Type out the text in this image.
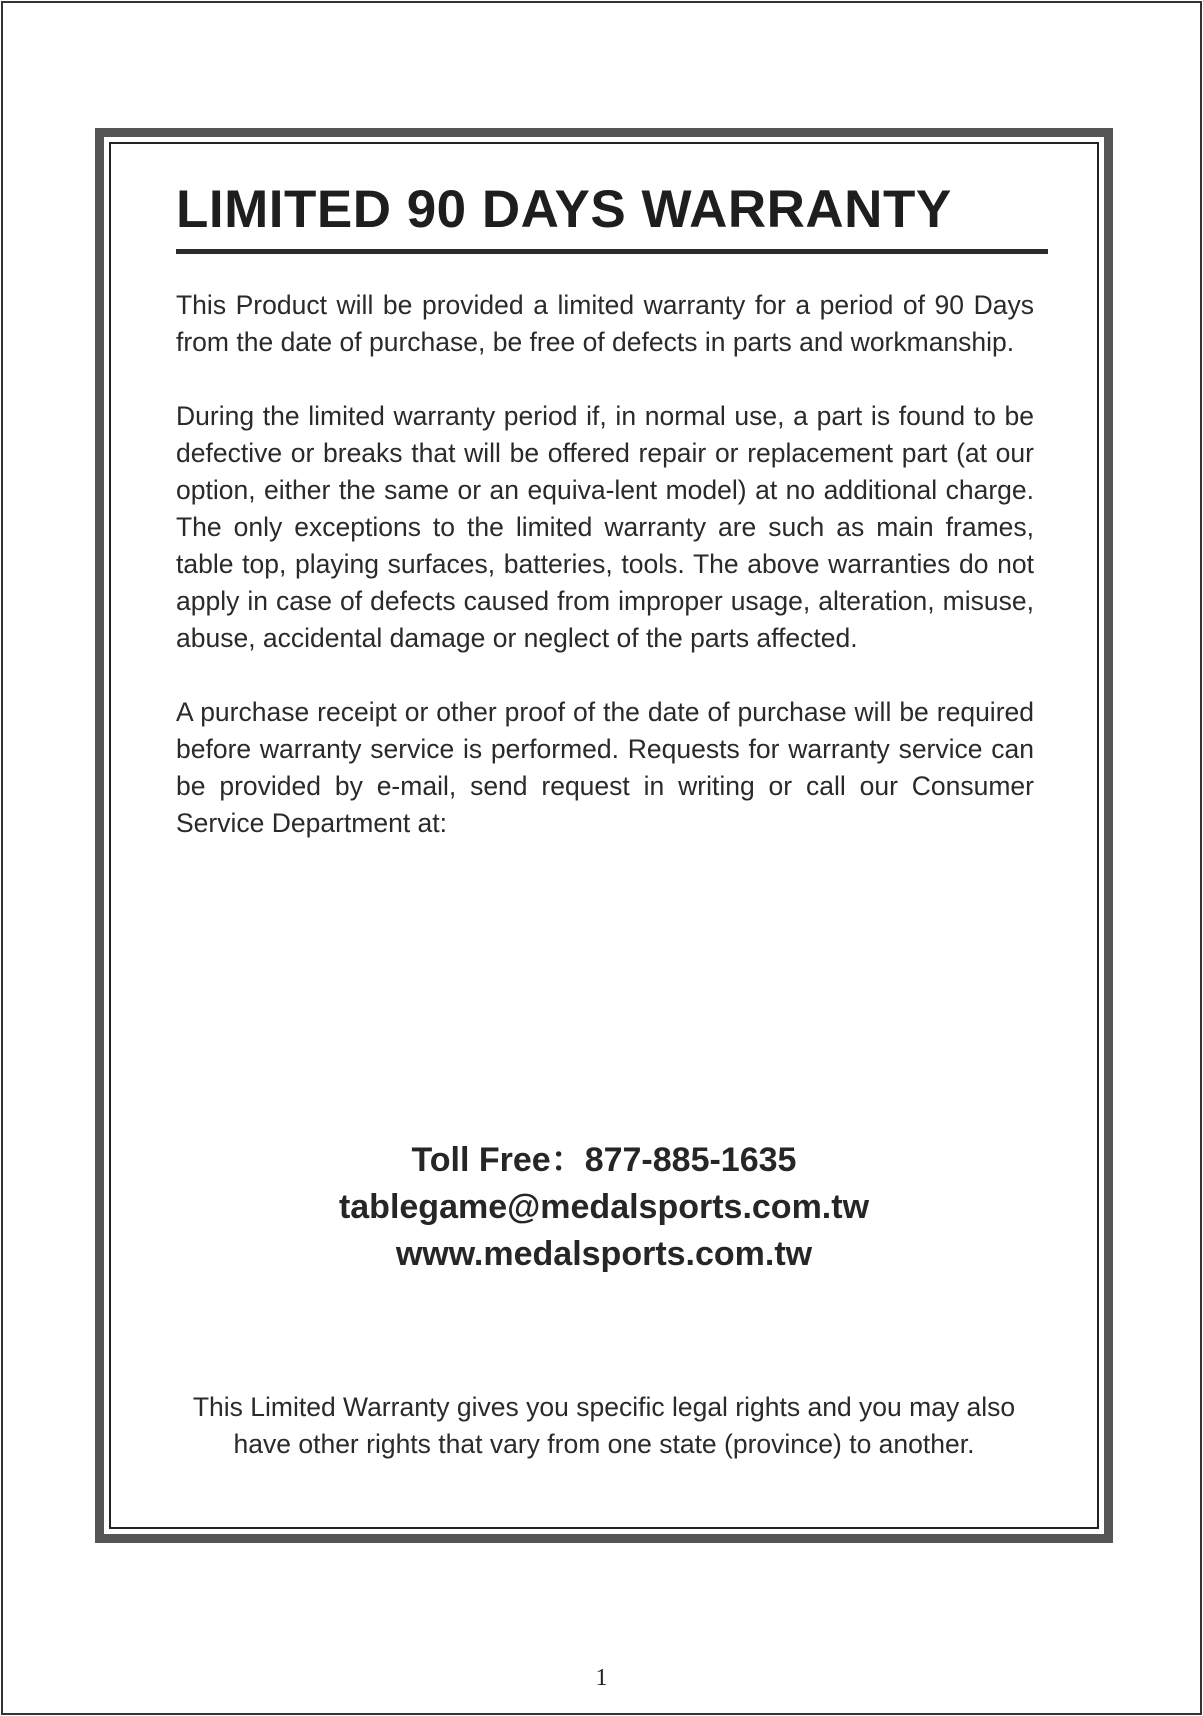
LIMITED 90 DAYS WARRANTY

This Product will be provided a limited warranty for a period of 90 Days from the date of purchase, be free of defects in parts and workmanship.

During the limited warranty period if, in normal use, a part is found to be defective or breaks that will be offered repair or replacement part (at our option, either the same or an equiva-lent model) at no additional charge. The only exceptions to the limited warranty are such as main frames, table top, playing surfaces, batteries, tools. The above warranties do not apply in case of defects caused from improper usage, alteration, misuse, abuse, accidental damage or neglect of the parts affected.

A purchase receipt or other proof of the date of purchase will be required before warranty service is performed. Requests for warranty service can be provided by e-mail, send request in writing or call our Consumer Service Department at:

Toll Free：877-885-1635
tablegame@medalsports.com.tw
www.medalsports.com.tw
This Limited Warranty gives you specific legal rights and you may also have other rights that vary from one state (province) to another.
1
